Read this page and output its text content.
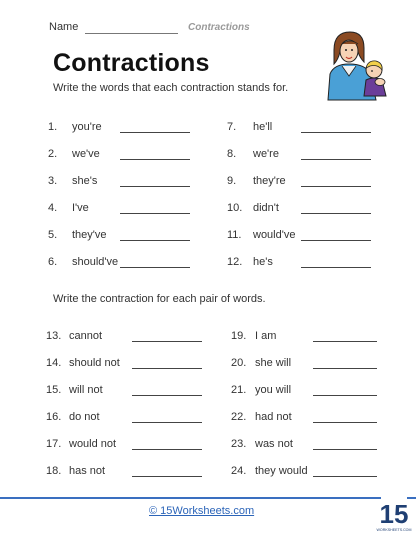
Name	Contractions
Contractions
Write the words that each contraction stands for.
1. you're
2. we've
3. she's
4. I've
5. they've
6. should've
7. he'll
8. we're
9. they're
10. didn't
11. would've
12. he's
Write the contraction for each pair of words.
13. cannot
14. should not
15. will not
16. do not
17. would not
18. has not
19. I am
20. she will
21. you will
22. had not
23. was not
24. they would
© 15Worksheets.com	15
WORKSHEETS.COM
